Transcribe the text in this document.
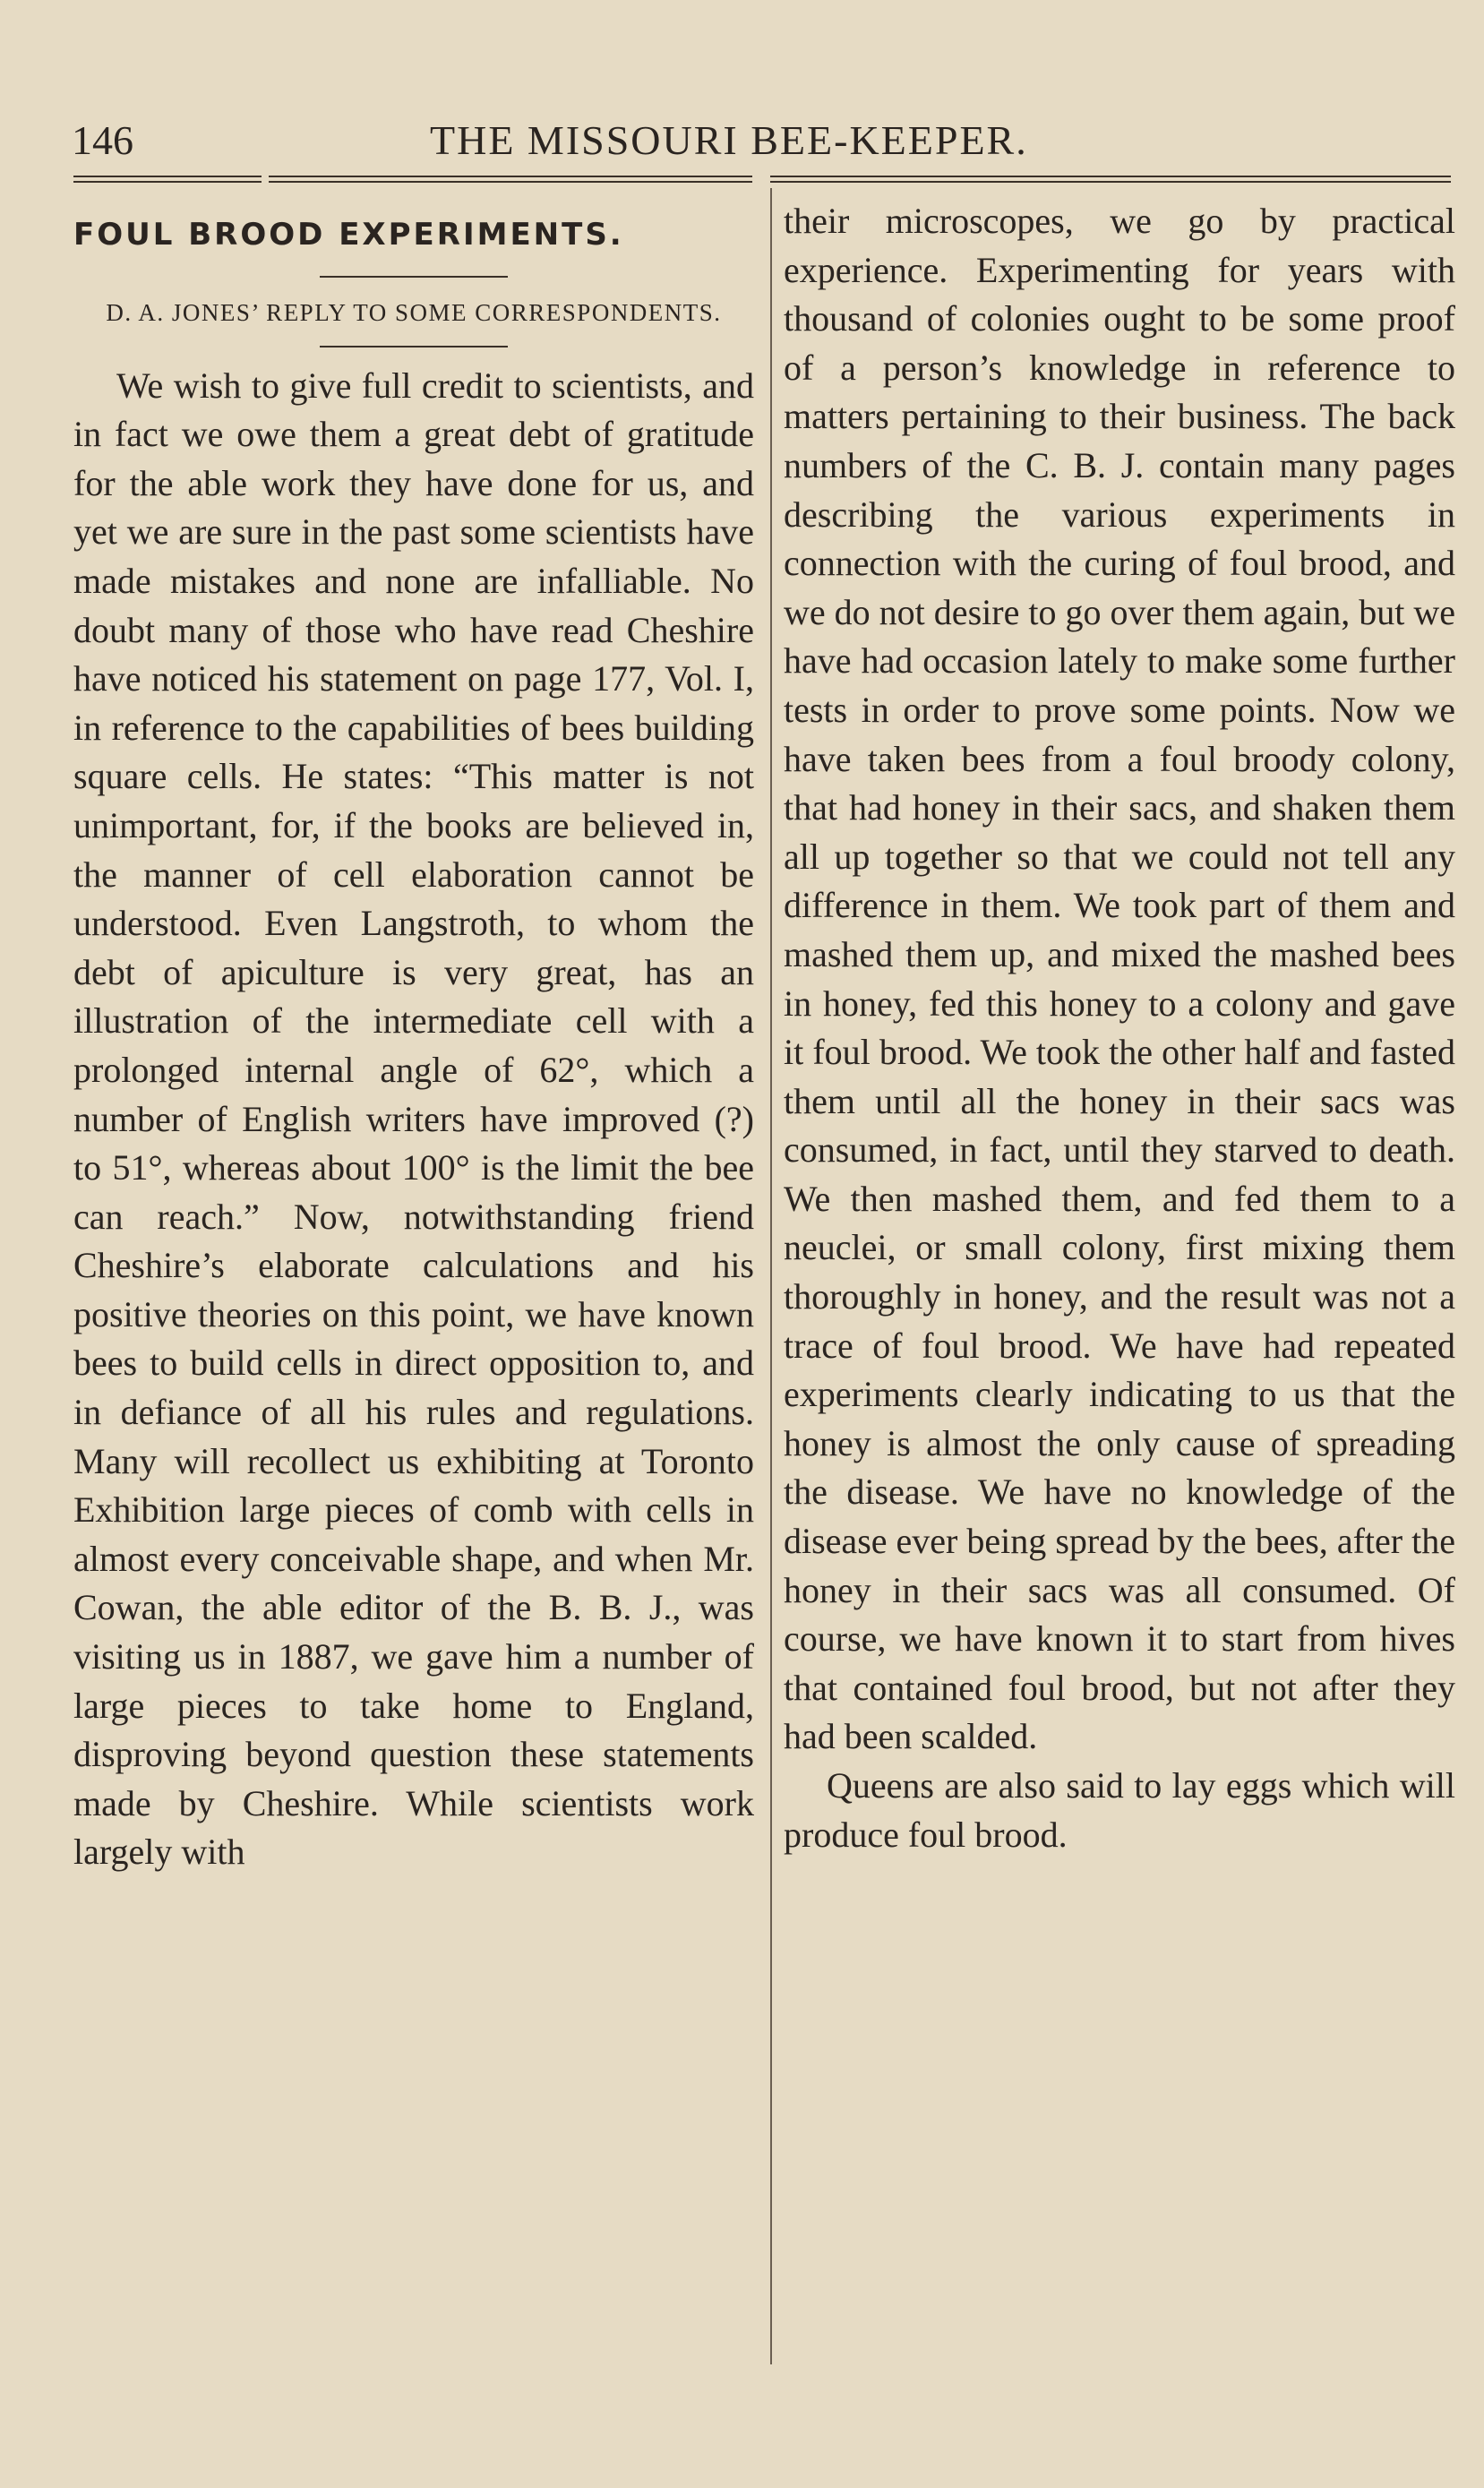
146	THE MISSOURI BEE-KEEPER.
FOUL BROOD EXPERIMENTS.
D. A. JONES’ REPLY TO SOME CORRESPONDENTS.

We wish to give full credit to scientists, and in fact we owe them a great debt of gratitude for the able work they have done for us, and yet we are sure in the past some scientists have made mistakes and none are infalliable. No doubt many of those who have read Cheshire have noticed his statement on page 177, Vol. I, in reference to the capabilities of bees building square cells. He states: “This matter is not unimportant, for, if the books are believed in, the manner of cell elaboration cannot be understood. Even Langstroth, to whom the debt of apiculture is very great, has an illustration of the intermediate cell with a prolonged internal angle of 62°, which a number of English writers have improved (?) to 51°, whereas about 100° is the limit the bee can reach.” Now, notwithstanding friend Cheshire’s elaborate calculations and his positive theories on this point, we have known bees to build cells in direct opposition to, and in defiance of all his rules and regulations. Many will recollect us exhibiting at Toronto Exhibition large pieces of comb with cells in almost every conceivable shape, and when Mr. Cowan, the able editor of the B. B. J., was visiting us in 1887, we gave him a number of large pieces to take home to England, disproving beyond question these statements made by Cheshire. While scientists work largely with

their microscopes, we go by practical experience. Experimenting for years with thousand of colonies ought to be some proof of a person’s knowledge in reference to matters pertaining to their business. The back numbers of the C. B. J. contain many pages describing the various experiments in connection with the curing of foul brood, and we do not desire to go over them again, but we have had occasion lately to make some further tests in order to prove some points. Now we have taken bees from a foul broody colony, that had honey in their sacs, and shaken them all up together so that we could not tell any difference in them. We took part of them and mashed them up, and mixed the mashed bees in honey, fed this honey to a colony and gave it foul brood. We took the other half and fasted them until all the honey in their sacs was consumed, in fact, until they starved to death. We then mashed them, and fed them to a neuclei, or small colony, first mixing them thoroughly in honey, and the result was not a trace of foul brood. We have had repeated experiments clearly indicating to us that the honey is almost the only cause of spreading the disease. We have no knowledge of the disease ever being spread by the bees, after the honey in their sacs was all consumed. Of course, we have known it to start from hives that contained foul brood, but not after they had been scalded.

Queens are also said to lay eggs which will produce foul brood.
